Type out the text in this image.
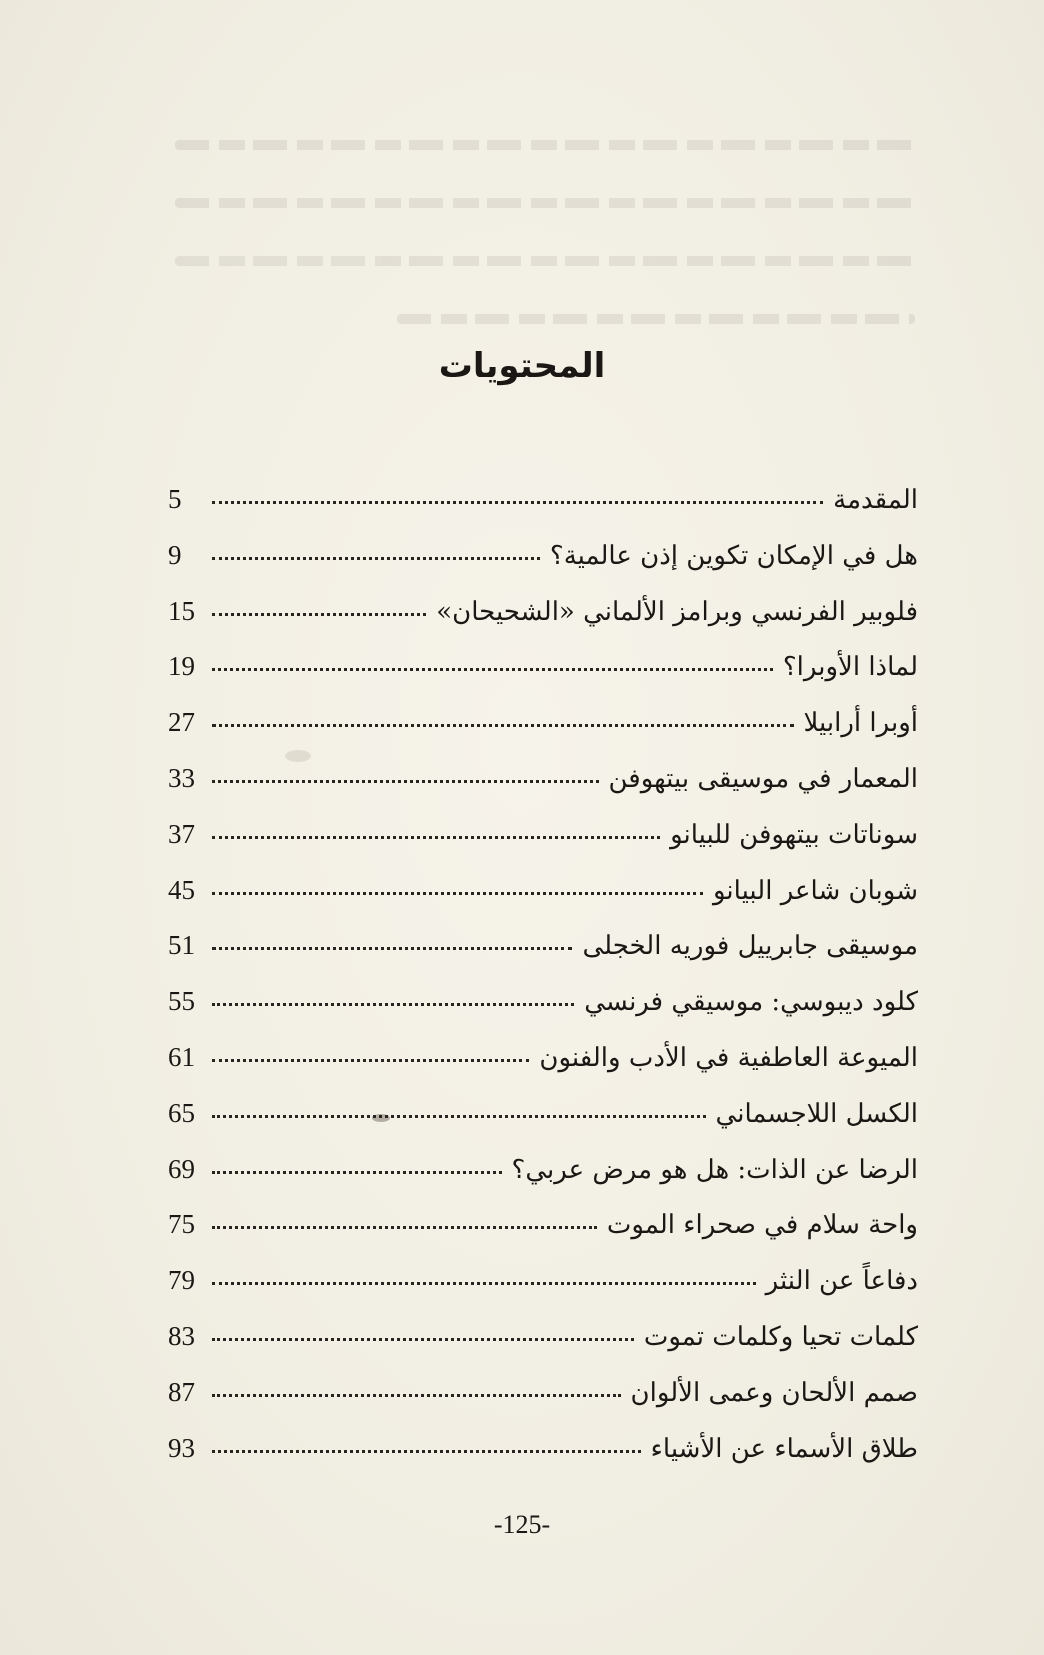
المحتويات
المقدمة
5
هل في الإمكان تكوين إذن عالمية؟
9
فلوبير الفرنسي وبرامز الألماني «الشحيحان»
15
لماذا الأوبرا؟
19
أوبرا أرابيلا
27
المعمار في موسيقى بيتهوفن
33
سوناتات بيتهوفن للبيانو
37
شوبان شاعر البيانو
45
موسيقى جابرييل فوريه الخجلى
51
كلود ديبوسي: موسيقي فرنسي
55
الميوعة العاطفية في الأدب والفنون
61
الكسل اللاجسماني
65
الرضا عن الذات: هل هو مرض عربي؟
69
واحة سلام في صحراء الموت
75
دفاعاً عن النثر
79
كلمات تحيا وكلمات تموت
83
صمم الألحان وعمى الألوان
87
طلاق الأسماء عن الأشياء
93
-125-
